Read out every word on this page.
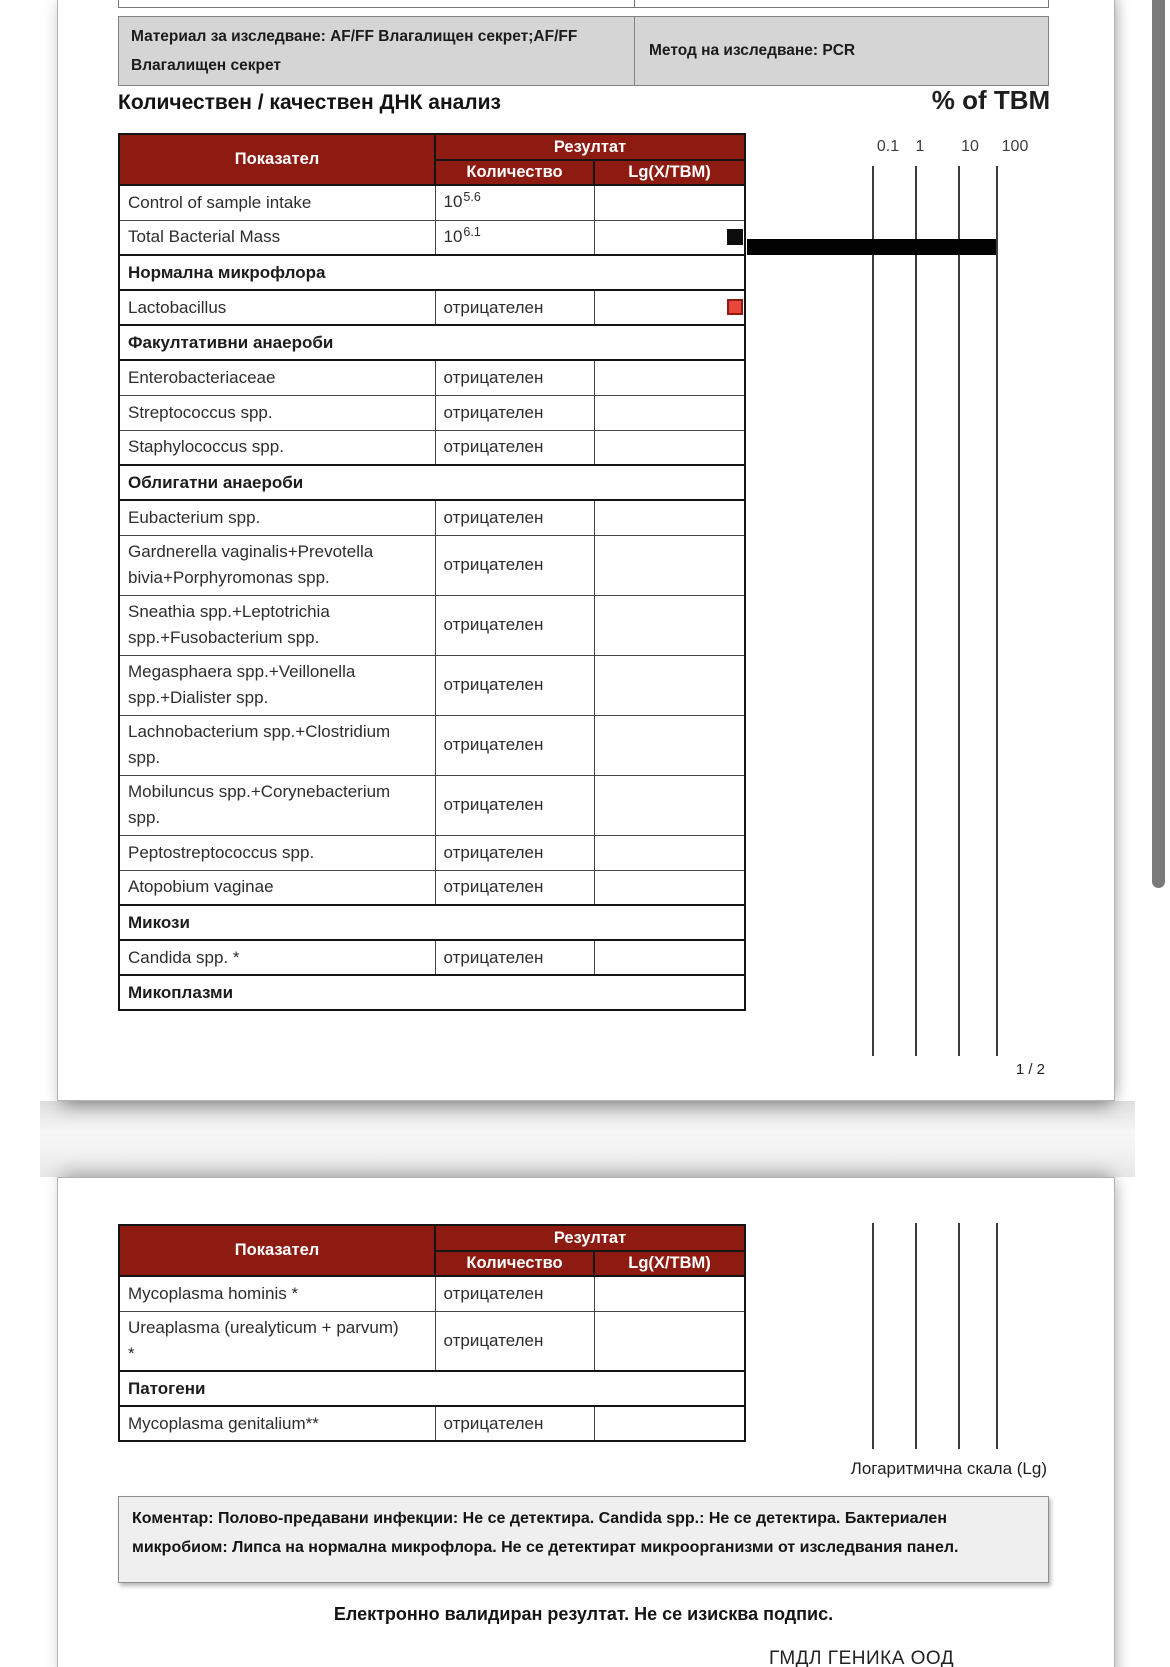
Материал за изследване: AF/FF Влагалищен секрет;AF/FF Влагалищен секрет
Метод на изследване: PCR
Количествен / качествен ДНК анализ	% of TBM
0.1 1 10 100
Показател	Резултат	
	Количество	Lg(X/TBM)
Control of sample intake	$10^{5.6}$	
Total Bacterial Mass	$10^{6.1}$	

Нормална микрофлора		
Lactobacillus	отрицателен	

Факултативни анаероби		
Enterobacteriaceae	отрицателен	
Streptococcus spp.	отрицателен	
Staphylococcus spp.	отрицателен	
Облигатни анаероби		
Eubacterium spp.	отрицателен	
Gardnerella vaginalis+Prevotella
bivia+Porphyromonas spp.	отрицателен	
Sneathia spp.+Leptotrichia
spp.+Fusobacterium spp.	отрицателен	
Megasphaera spp.+Veillonella
spp.+Dialister spp.	отрицателен	
Lachnobacterium spp.+Clostridium
spp.	отрицателен	
Mobiluncus spp.+Corynebacterium
spp.	отрицателен	
Peptostreptococcus spp.	отрицателен	
Atopobium vaginae	отрицателен	
Микози		
Candida spp. *	отрицателен	
Микоплазми		
1 / 2
Показател	Резултат	
	Количество	Lg(X/TBM)
Mycoplasma hominis *	отрицателен	
Ureaplasma (urealyticum + parvum)
*	отрицателен	
Патогени		
Mycoplasma genitalium**	отрицателен	
Логаритмична скала (Lg)
Коментар: Полово-предавани инфекции: Не се детектира. Candida spp.: Не се детектира. Бактериален микробиом: Липса на нормална микрофлора. Не се детектират микроорганизми от изследвания панел.
Електронно валидиран резултат. Не се изисква подпис.
ГМДЛ ГЕНИКА ООД
